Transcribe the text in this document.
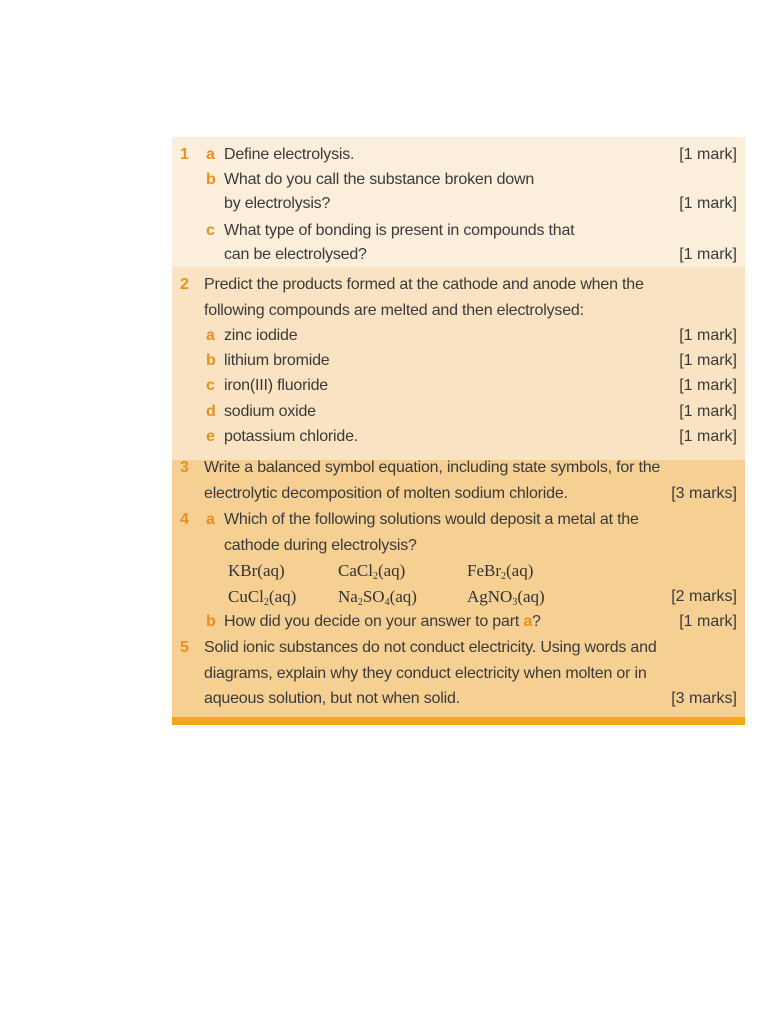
1 a Define electrolysis.	[1 mark]
b What do you call the substance broken down
by electrolysis?	[1 mark]
c What type of bonding is present in compounds that
can be electrolysed?	[1 mark]
2 Predict the products formed at the cathode and anode when the
following compounds are melted and then electrolysed:
a zinc iodide	[1 mark]
b lithium bromide	[1 mark]
c iron(III) fluoride	[1 mark]
d sodium oxide	[1 mark]
e potassium chloride.	[1 mark]
3 Write a balanced symbol equation, including state symbols, for the
electrolytic decomposition of molten sodium chloride.	[3 marks]
4 a Which of the following solutions would deposit a metal at the
cathode during electrolysis?
KBr(aq)	CaCl$_2$(aq)	FeBr$_2$(aq)
CuCl$_2$(aq) $Na_2SO_4(aq)$	AgNO$_3$(aq)	[2 marks]
b How did you decide on your answer to part a?	[1 mark]
5 Solid ionic substances do not conduct electricity. Using words and
diagrams, explain why they conduct electricity when molten or in
aqueous solution, but not when solid.	[3 marks]
